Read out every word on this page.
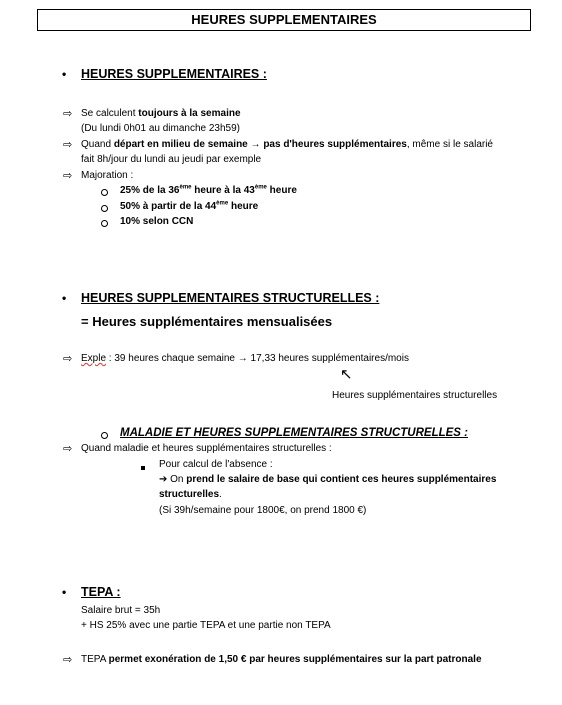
HEURES SUPPLEMENTAIRES
• HEURES SUPPLEMENTAIRES :
⇨ Se calculent toujours à la semaine
(Du lundi 0h01 au dimanche 23h59)
⇨ Quand départ en milieu de semaine → pas d'heures supplémentaires, même si le salarié
fait 8h/jour du lundi au jeudi par exemple
⇨ Majoration :
25% de la 36ème heure à la 43ème heure
50% à partir de la 44ème heure
10% selon CCN
• HEURES SUPPLEMENTAIRES STRUCTURELLES :
= Heures supplémentaires mensualisées
⇨ Exple : 39 heures chaque semaine → 17,33 heures supplémentaires/mois
↖
Heures supplémentaires structurelles
MALADIE ET HEURES SUPPLEMENTAIRES STRUCTURELLES :
⇨ Quand maladie et heures supplémentaires structurelles :
Pour calcul de l'absence :
➔ On prend le salaire de base qui contient ces heures supplémentaires
structurelles.
(Si 39h/semaine pour 1800€, on prend 1800 €)
• TEPA :
Salaire brut = 35h
+ HS 25% avec une partie TEPA et une partie non TEPA
⇨ TEPA permet exonération de 1,50 € par heures supplémentaires sur la part patronale
